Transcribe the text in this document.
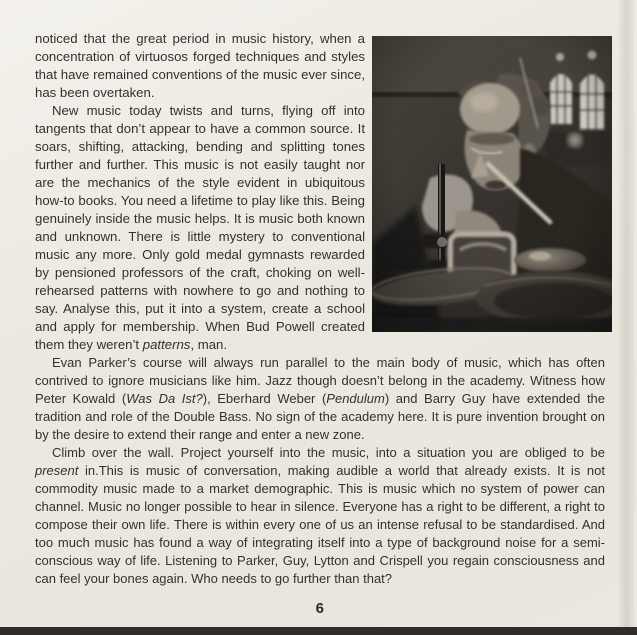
noticed that the great period in music history, when a concentration of virtuosos forged techniques and styles that have remained conventions of the music ever since, has been overtaken.

New music today twists and turns, flying off into tangents that don’t appear to have a common source. It soars, shifting, attacking, bending and splitting tones further and further. This music is not easily taught nor are the mechanics of the style evident in ubiquitous how-to books. You need a lifetime to play like this. Being genuinely inside the music helps. It is music both known and unknown. There is little mystery to conventional music any more. Only gold medal gymnasts rewarded by pensioned professors of the craft, choking on well-rehearsed patterns with nowhere to go and nothing to say. Analyse this, put it into a system, create a school and apply for membership. When Bud Powell created them they weren’t patterns, man.

Evan Parker’s course will always run parallel to the main body of music, which has often contrived to ignore musicians like him. Jazz though doesn’t belong in the academy. Witness how Peter Kowald (Was Da Ist?), Eberhard Weber (Pendulum) and Barry Guy have extended the tradition and role of the Double Bass. No sign of the academy here. It is pure invention brought on by the desire to extend their range and enter a new zone.

Climb over the wall. Project yourself into the music, into a situation you are obliged to be present in.This is music of conversation, making audible a world that already exists. It is not commodity music made to a market demographic. This is music which no system of power can channel. Music no longer possible to hear in silence. Everyone has a right to be different, a right to compose their own life. There is within every one of us an intense refusal to be standardised. And too much music has found a way of integrating itself into a type of background noise for a semi-conscious way of life. Listening to Parker, Guy, Lytton and Crispell you regain consciousness and can feel your bones again. Who needs to go further than that?

6
